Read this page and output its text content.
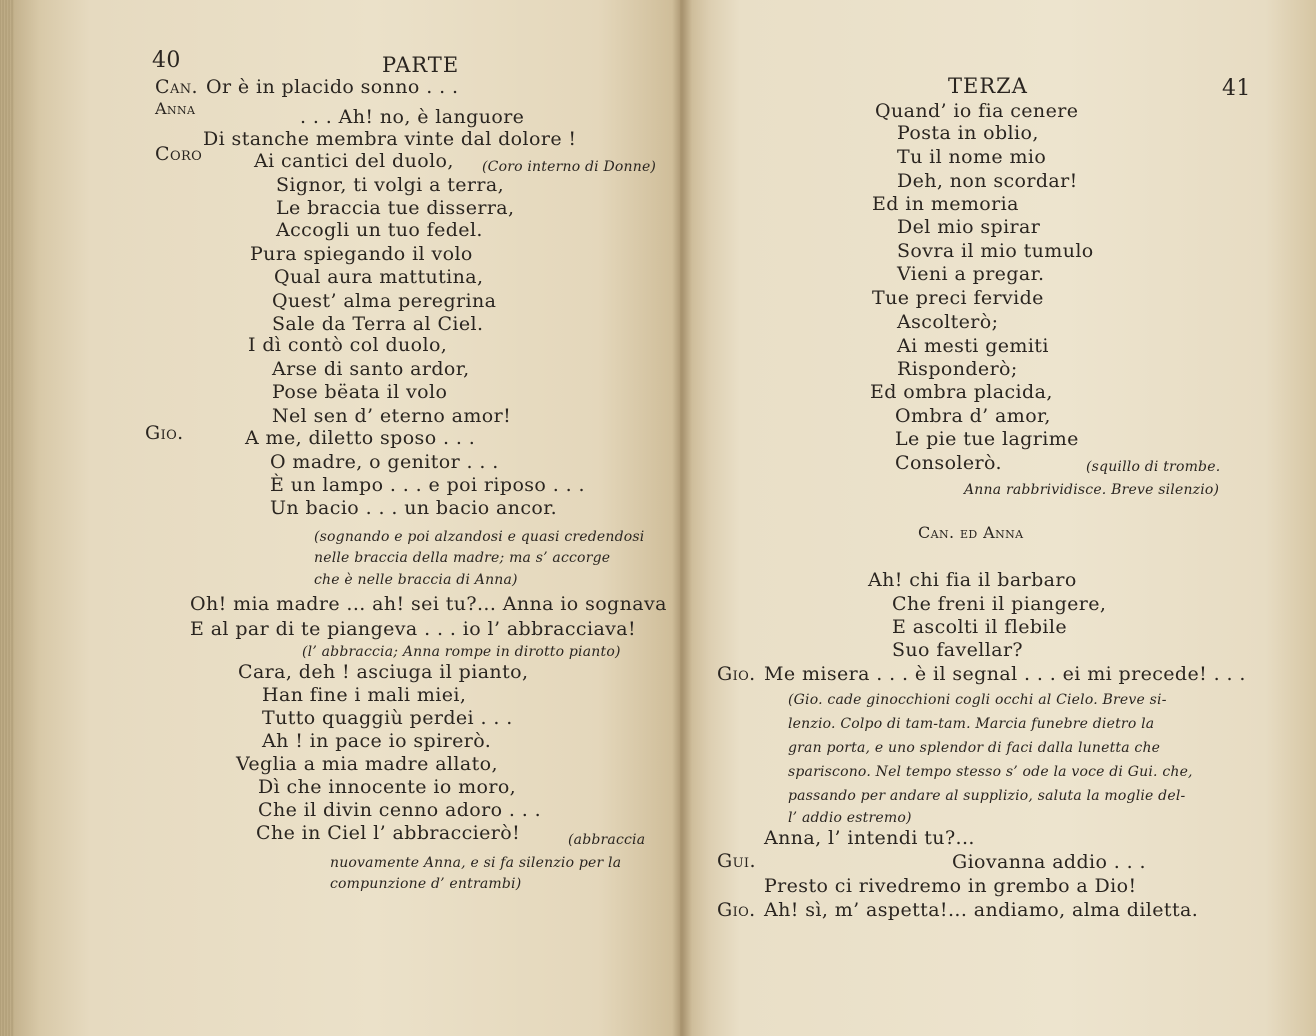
40	PARTE
Can. Or è in placido sonno . . .
Anna	. . . Ah! no, è languore
Di stanche membra vinte dal dolore !
Coro	Ai cantici del duolo, (Coro interno di Donne)
Signor, ti volgi a terra,
Le braccia tue disserra,
Accogli un tuo fedel.
Pura spiegando il volo
Qual aura mattutina,
Quest’ alma peregrina
Sale da Terra al Ciel.
I dì contò col duolo,
Arse di santo ardor,
Pose bëata il volo
Nel sen d’ eterno amor!
Gio.	A me, diletto sposo . . .
O madre, o genitor . . .
È un lampo . . . e poi riposo . . .
Un bacio . . . un bacio ancor.
(sognando e poi alzandosi e quasi credendosi
nelle braccia della madre; ma s’ accorge
che è nelle braccia di Anna)
Oh! mia madre ... ah! sei tu?... Anna io sognava
E al par di te piangeva . . . io l’ abbracciava!
(l’ abbraccia; Anna rompe in dirotto pianto)
Cara, deh ! asciuga il pianto,
Han fine i mali miei,
Tutto quaggiù perdei . . .
Ah ! in pace io spirerò.
Veglia a mia madre allato,
Dì che innocente io moro,
Che il divin cenno adoro . . .
Che in Ciel l’ abbraccierò!	(abbraccia
nuovamente Anna, e si fa silenzio per la
compunzione d’ entrambi)
TERZA	41
Quand’ io fia cenere
Posta in oblio,
Tu il nome mio
Deh, non scordar!
Ed in memoria
Del mio spirar
Sovra il mio tumulo
Vieni a pregar.
Tue preci fervide
Ascolterò;
Ai mesti gemiti
Risponderò;
Ed ombra placida,
Ombra d’ amor,
Le pie tue lagrime
Consolerò.	(squillo di trombe.
Anna rabbrividisce. Breve silenzio)
Can. ed Anna
Ah! chi fia il barbaro
Che freni il piangere,
E ascolti il flebile
Suo favellar?
Gio. Me misera . . . è il segnal . . . ei mi precede! . . .
(Gio. cade ginocchioni cogli occhi al Cielo. Breve si-
lenzio. Colpo di tam-tam. Marcia funebre dietro la
gran porta, e uno splendor di faci dalla lunetta che
spariscono. Nel tempo stesso s’ ode la voce di Gui. che,
passando per andare al supplizio, saluta la moglie del-
l’ addio estremo)
Anna, l’ intendi tu?...
Gui.	Giovanna addio . . .
Presto ci rivedremo in grembo a Dio!
Gio. Ah! sì, m’ aspetta!... andiamo, alma diletta.
